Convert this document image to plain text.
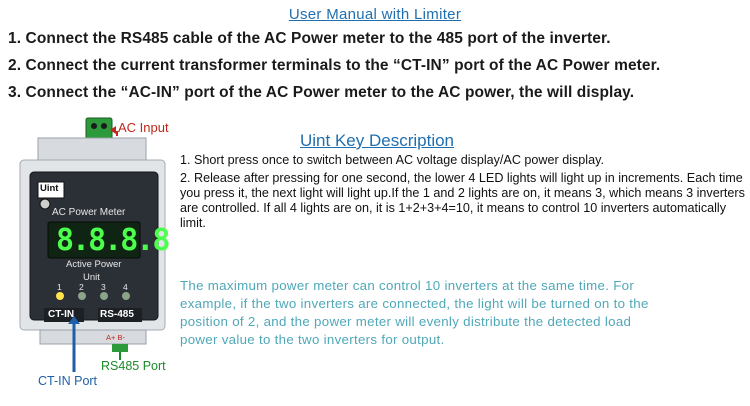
User Manual with Limiter
1. Connect the RS485 cable of the AC Power meter to the 485 port of the inverter.
2. Connect the current transformer terminals to the “CT-IN” port of the AC Power meter.
3. Connect the “AC-IN” port of the AC Power meter to the AC power, the will display.
Uint Key Description
1. Short press once to switch between AC voltage display/AC power display.
2. Release after pressing for one second, the lower 4 LED lights will light up in increments. Each time you press it, the next light will light up.If the 1 and 2 lights are on, it means 3, which means 3 inverters are controlled. If all 4 lights are on, it is 1+2+3+4=10, it means to control 10 inverters automatically limit.
The maximum power meter can control 10 inverters at the same time. For
example, if the two inverters are connected, the light will be turned on to the
position of 2, and the power meter will evenly distribute the detected load
power value to the two inverters for output.
AC Input
Uint
AC Power Meter
8.8.8.8
Active Power
Unit
1 2 3 4
CT-IN	RS-485
A+ B-
RS485 Port
CT-IN Port
